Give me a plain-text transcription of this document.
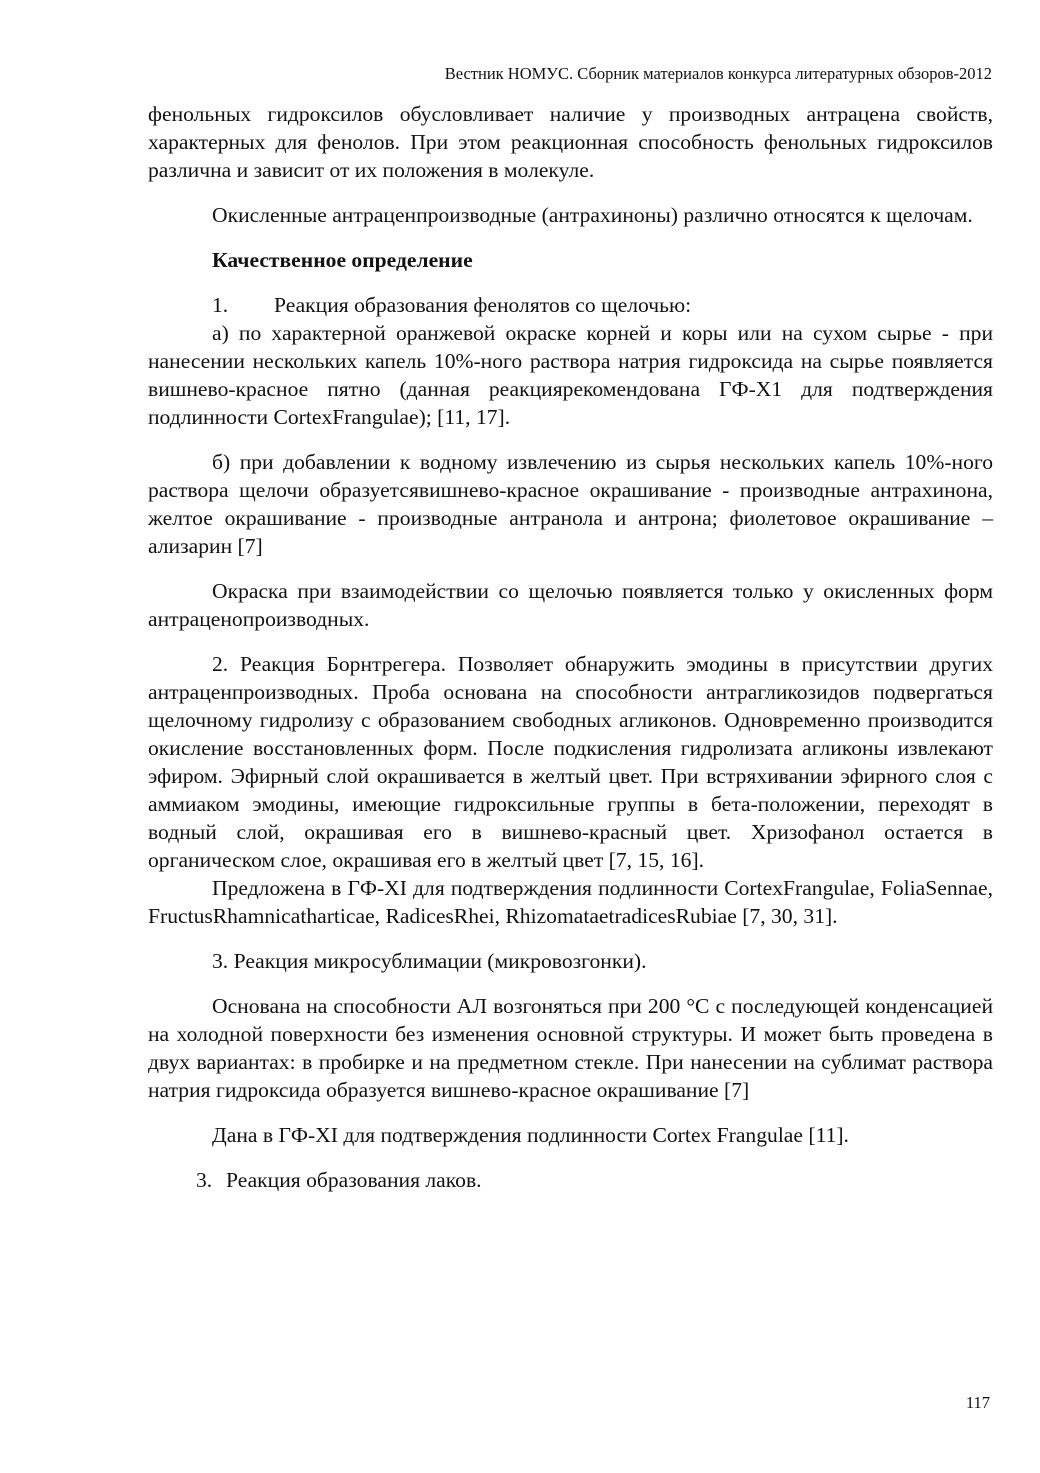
Вестник НОМУС. Сборник материалов конкурса литературных обзоров-2012

фенольных гидроксилов обусловливает наличие у производных антрацена свойств, характерных для фенолов. При этом реакционная способность фенольных гидроксилов различна и зависит от их положения в молекуле.

Окисленные антраценпроизводные (антрахиноны) различно относятся к щелочам.

Качественное определение

1. Реакция образования фенолятов со щелочью:

а) по характерной оранжевой окраске корней и коры или на сухом сырье - при нанесении нескольких капель 10%-ного раствора натрия гидроксида на сырье появляется вишнево-красное пятно (данная реакциярекомендована ГФ-Х1 для подтверждения подлинности CortexFrangulae); [11, 17].

б) при добавлении к водному извлечению из сырья нескольких капель 10%-ного раствора щелочи образуетсявишнево-красное окрашивание - производные антрахинона, желтое окрашивание - производные антранола и антрона; фиолетовое окрашивание – ализарин [7]

Окраска при взаимодействии со щелочью появляется только у окисленных форм антраценопроизводных.

2. Реакция Борнтрегера. Позволяет обнаружить эмодины в присутствии других антраценпроизводных. Проба основана на способности антрагликозидов подвергаться щелочному гидролизу с образованием свободных агликонов. Одновременно производится окисление восстановленных форм. После подкисления гидролизата агликоны извлекают эфиром. Эфирный слой окрашивается в желтый цвет. При встряхивании эфирного слоя с аммиаком эмодины, имеющие гидроксильные группы в бета-положении, переходят в водный слой, окрашивая его в вишнево-красный цвет. Хризофанол остается в органическом слое, окрашивая его в желтый цвет [7, 15, 16].

Предложена в ГФ-XI для подтверждения подлинности CortexFrangulae, FoliaSennae, FructusRhamnicatharticae, RadicesRhei, RhizomataetradicesRubiae [7, 30, 31].

3. Реакция микросублимации (микровозгонки).

Основана на способности АЛ возгоняться при 200 °С с последующей конденсацией на холодной поверхности без изменения основной структуры. И может быть проведена в двух вариантах: в пробирке и на предметном стекле. При нанесении на сублимат раствора натрия гидроксида образуется вишнево-красное окрашивание [7]

Дана в ГФ-XI для подтверждения подлинности Cortex Frangulae [11].

3. Реакция образования лаков.

117
